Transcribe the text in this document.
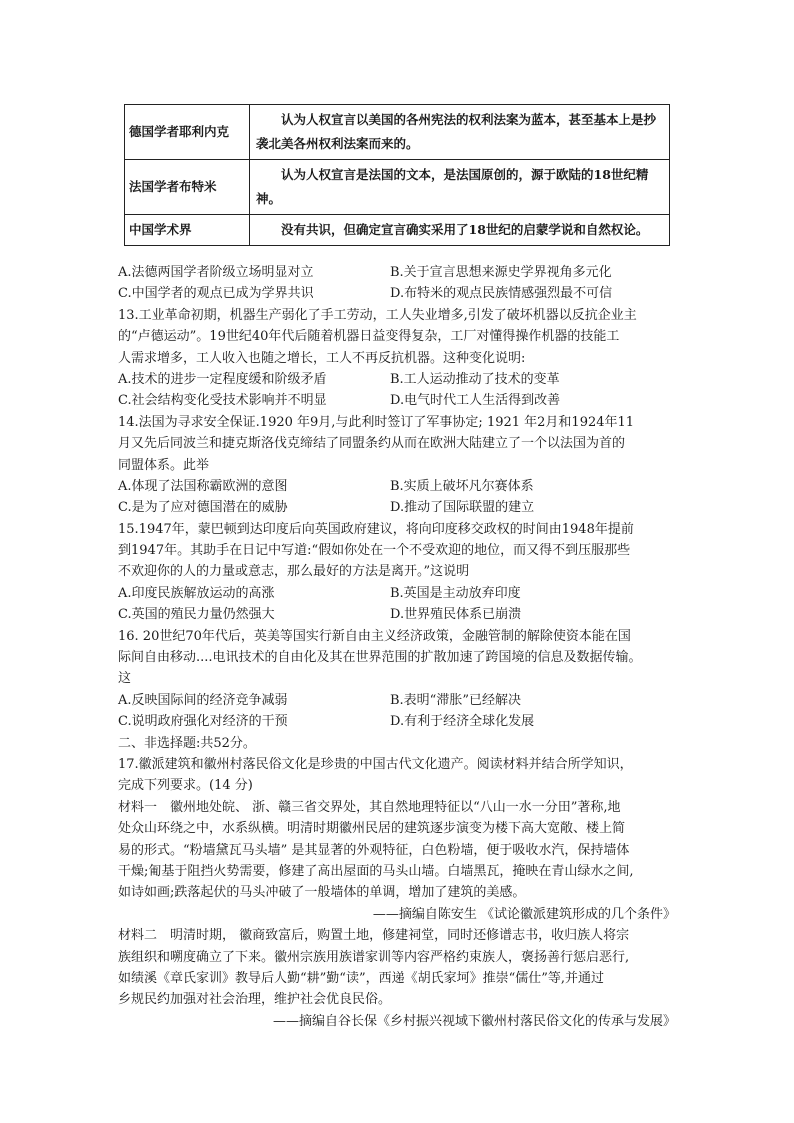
德国学者耶利内克	认为人权宣言以美国的各州宪法的权利法案为蓝本，甚至基本上是抄袭北美各州权利法案而来的。
法国学者布特米	认为人权宣言是法国的文本，是法国原创的，源于欧陆的18世纪精神。
中国学术界	没有共识，但确定宣言确实采用了18世纪的启蒙学说和自然权论。
A.法德两国学者阶级立场明显对立	B.关于宣言思想来源史学界视角多元化
C.中国学者的观点已成为学界共识	D.布特米的观点民族情感强烈最不可信
13.工业革命初期，机器生产弱化了手工劳动，工人失业增多,引发了破坏机器以反抗企业主
的“卢德运动”。19世纪40年代后随着机器日益变得复杂，工厂对懂得操作机器的技能工
人需求增多，工人收入也随之增长，工人不再反抗机器。这种变化说明:
A.技术的进步一定程度缓和阶级矛盾	B.工人运动推动了技术的变革
C.社会结构变化受技术影响并不明显	D.电气时代工人生活得到改善
14.法国为寻求安全保证.1920 年9月,与此利时签订了军事协定; 1921 年2月和1924年11
月又先后同波兰和捷克斯洛伐克缔结了同盟条约从而在欧洲大陆建立了一个以法国为首的
同盟体系。此举
A.体现了法国称霸欧洲的意图	B.实质上破坏凡尔赛体系
C.是为了应对德国潜在的威胁	D.推动了国际联盟的建立
15.1947年，蒙巴顿到达印度后向英国政府建议，将向印度移交政权的时间由1948年提前
到1947年。其助手在日记中写道:“假如你处在一个不受欢迎的地位，而又得不到压服那些
不欢迎你的人的力量或意志，那么最好的方法是离开。”这说明
A.印度民族解放运动的高涨	B.英国是主动放弃印度
C.英国的殖民力量仍然强大	D.世界殖民体系已崩溃
16. 20世纪70年代后，英美等国实行新自由主义经济政策，金融管制的解除使资本能在国
际间自由移动....电讯技术的自由化及其在世界范围的扩散加速了跨国境的信息及数据传输。
这
A.反映国际间的经济竞争减弱	B.表明“滞胀”已经解决
C.说明政府强化对经济的干预	D.有利于经济全球化发展
二、非选择题:共52分。
17.徽派建筑和徽州村落民俗文化是珍贵的中国古代文化遗产。阅读材料并结合所学知识，
完成下列要求。(14 分)
材料一　徽州地处皖、 浙、赣三省交界处，其自然地理特征以“八山一水一分田”著称,地
处众山环绕之中，水系纵横。明清时期徽州民居的建筑逐步演变为楼下高大宽敞、楼上简
易的形式。“粉墙黛瓦马头墙” 是其显著的外观特征，白色粉墙，便于吸收水汽，保持墙体
干燥;匍基于阻挡火势需要，修建了高出屋面的马头山墙。白墙黑瓦，掩映在青山绿水之间,
如诗如画;跌落起伏的马头冲破了一般墙体的单调，增加了建筑的美感。
——摘编自陈安生 《试论徽派建筑形成的几个条件》
材料二　明清时期， 徽商致富后，购置土地，修建祠堂，同时还修谱志书，收归族人将宗
族组织和嗍度确立了下来。徽州宗族用族谱家训等内容严格约束族人，褒扬善行惩启恶行,
如绩溪《章氏家训》教导后人勤“耕”勤“读”，西递《胡氏家坷》推崇“儒仕”等,并通过
乡规民约加强对社会治理，维护社会优良民俗。
——摘编自谷长保《乡村振兴视域下徽州村落民俗文化的传承与发展》
